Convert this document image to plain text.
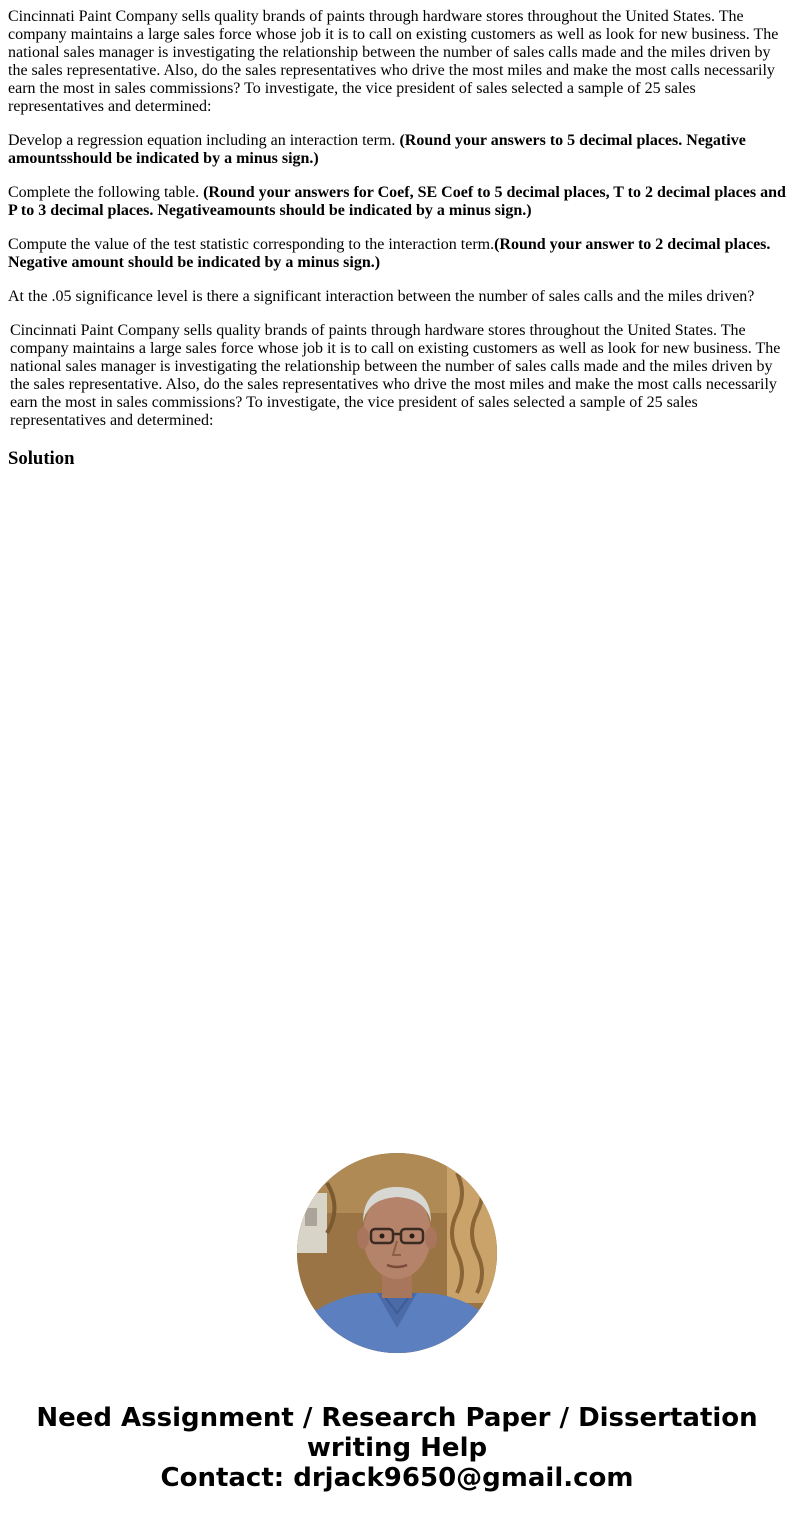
Cincinnati Paint Company sells quality brands of paints through hardware stores throughout the United States. The company maintains a large sales force whose job it is to call on existing customers as well as look for new business. The national sales manager is investigating the relationship between the number of sales calls made and the miles driven by the sales representative. Also, do the sales representatives who drive the most miles and make the most calls necessarily earn the most in sales commissions? To investigate, the vice president of sales selected a sample of 25 sales representatives and determined:

Develop a regression equation including an interaction term. (Round your answers to 5 decimal places. Negative amountsshould be indicated by a minus sign.)

Complete the following table. (Round your answers for Coef, SE Coef to 5 decimal places, T to 2 decimal places and P to 3 decimal places. Negativeamounts should be indicated by a minus sign.)

Compute the value of the test statistic corresponding to the interaction term.(Round your answer to 2 decimal places. Negative amount should be indicated by a minus sign.)

At the .05 significance level is there a significant interaction between the number of sales calls and the miles driven?

Cincinnati Paint Company sells quality brands of paints through hardware stores throughout the United States. The company maintains a large sales force whose job it is to call on existing customers as well as look for new business. The national sales manager is investigating the relationship between the number of sales calls made and the miles driven by the sales representative. Also, do the sales representatives who drive the most miles and make the most calls necessarily earn the most in sales commissions? To investigate, the vice president of sales selected a sample of 25 sales representatives and determined:
Solution
Need Assignment / Research Paper / Dissertation
writing Help
Contact: drjack9650@gmail.com
